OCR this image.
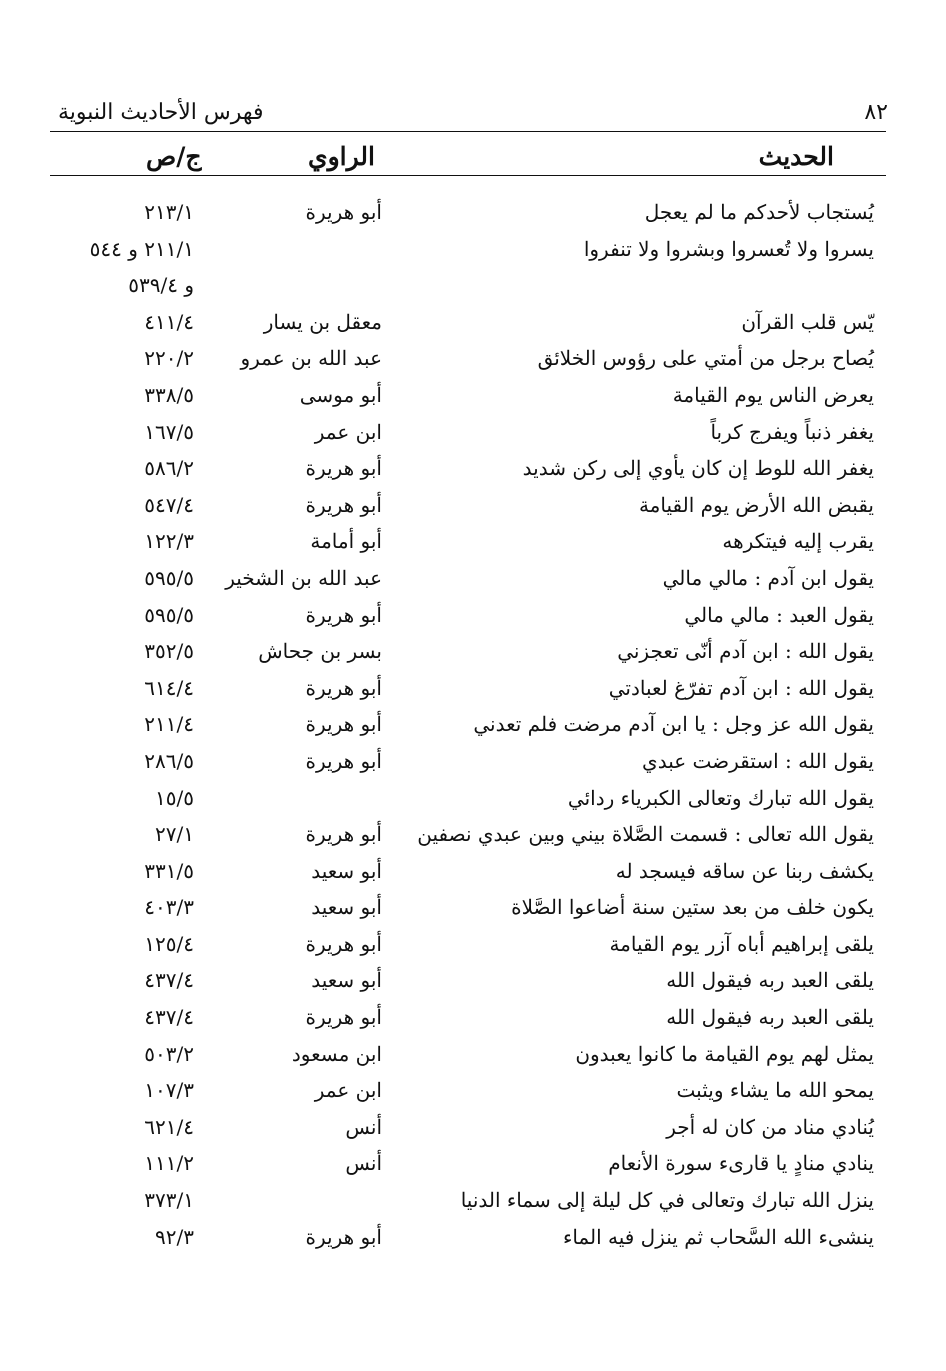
٨٢
فهرس الأحاديث النبوية
الحديث
الراوي
ج/ص
يُستجاب لأحدكم ما لم يعجل
أبو هريرة
٢١٣/١
يسروا ولا تُعسروا وبشروا ولا تنفروا
٢١١/١ و ٥٤٤
و ٥٣٩/٤
يّس قلب القرآن
معقل بن يسار
٤١١/٤
يُصاح برجل من أمتي على رؤوس الخلائق
عبد الله بن عمرو
٢٢٠/٢
يعرض الناس يوم القيامة
أبو موسى
٣٣٨/٥
يغفر ذنباً ويفرج كرباً
ابن عمر
١٦٧/٥
يغفر الله للوط إن كان يأوي إلى ركن شديد
أبو هريرة
٥٨٦/٢
يقبض الله الأرض يوم القيامة
أبو هريرة
٥٤٧/٤
يقرب إليه فيتكرهه
أبو أمامة
١٢٢/٣
يقول ابن آدم : مالي مالي
عبد الله بن الشخير
٥٩٥/٥
يقول العبد : مالي مالي
أبو هريرة
٥٩٥/٥
يقول الله : ابن آدم أنّى تعجزني
بسر بن جحاش
٣٥٢/٥
يقول الله : ابن آدم تفرّغ لعبادتي
أبو هريرة
٦١٤/٤
يقول الله عز وجل : يا ابن آدم مرضت فلم تعدني
أبو هريرة
٢١١/٤
يقول الله : استقرضت عبدي
أبو هريرة
٢٨٦/٥
يقول الله تبارك وتعالى الكبرياء ردائي
١٥/٥
يقول الله تعالى : قسمت الصَّلاة بيني وبين عبدي نصفين
أبو هريرة
٢٧/١
يكشف ربنا عن ساقه فيسجد له
أبو سعيد
٣٣١/٥
يكون خلف من بعد ستين سنة أضاعوا الصَّلاة
أبو سعيد
٤٠٣/٣
يلقى إبراهيم أباه آزر يوم القيامة
أبو هريرة
١٢٥/٤
يلقى العبد ربه فيقول الله
أبو سعيد
٤٣٧/٤
يلقى العبد ربه فيقول الله
أبو هريرة
٤٣٧/٤
يمثل لهم يوم القيامة ما كانوا يعبدون
ابن مسعود
٥٠٣/٢
يمحو الله ما يشاء ويثبت
ابن عمر
١٠٧/٣
يُنادي مناد من كان له أجر
أنس
٦٢١/٤
ينادي منادٍ يا قارىء سورة الأنعام
أنس
١١١/٢
ينزل الله تبارك وتعالى في كل ليلة إلى سماء الدنيا
٣٧٣/١
ينشىء الله السَّحاب ثم ينزل فيه الماء
أبو هريرة
٩٢/٣
